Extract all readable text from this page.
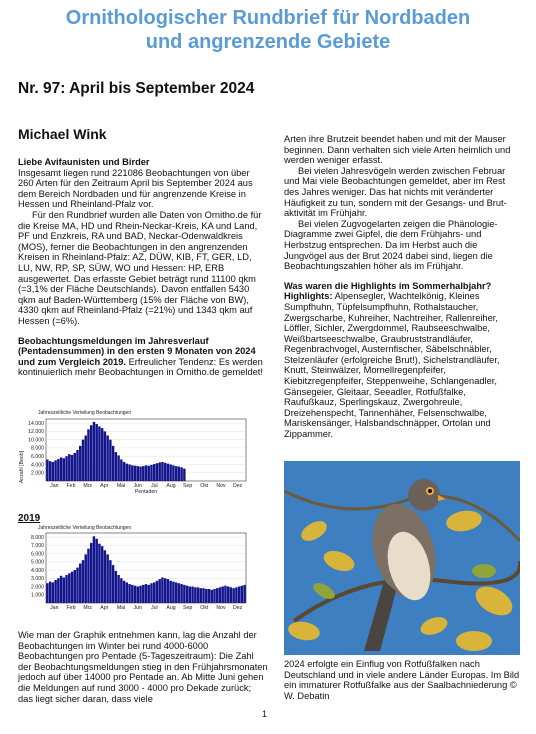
Ornithologischer Rundbrief für Nordbaden
und angrenzende Gebiete
Nr. 97: April bis September 2024
Michael Wink

Liebe Avifaunisten und Birder

Insgesamt liegen rund 221086 Beobachtungen von über 260 Arten für den Zeitraum April bis September 2024 aus dem Bereich Nordbaden und für angrenzende Kreise in Hessen und Rheinland-Pfalz vor.

Für den Rundbrief wurden alle Daten von Ornitho.de für die Kreise MA, HD und Rhein-Neckar-Kreis, KA und Land, PF und Enzkreis, RA und BAD, Neckar-Odenwaldkreis (MOS), ferner die Beobachtungen in den angrenzenden Kreisen in Rheinland-Pfalz: AZ, DÜW, KIB, FT, GER, LD, LU, NW, RP, SP, SÜW, WO und Hessen: HP, ERB ausgewertet. Das erfasste Gebiet beträgt rund 11100 qkm (=3,1% der Fläche Deutschlands). Davon entfallen 5430 qkm auf Baden-Württemberg (15% der Fläche von BW), 4330 qkm auf Rheinland-Pfalz (=21%) und 1343 qkm auf Hessen (=6%).

Beobachtungsmeldungen im Jahresverlauf (Pentadensummen) in den ersten 9 Monaten von 2024 und zum Vergleich 2019. Erfreulicher Tendenz: Es werden kontinuierlich mehr Beobachtungen in Ornitho.de gemeldet!

Jahreszeitliche Verteilung Beobachtungen
Anzahl [Beob]
14.000
12.000
10.000
8.000
6.000
4.000
2.000
Jan Feb Mrz Apr Mai Jun Jul Aug Sep Okt Nov Dez
Pentaden
2019
Jahreszeitliche Verteilung Beobachtungen
8.000
7.000
6.000
5.000
4.000
3.000
2.000
1.000
Jan Feb Mrz Apr Mai Jun Jul Aug Sep Okt Nov Dez

Wie man der Graphik entnehmen kann, lag die Anzahl der Beobachtungen im Winter bei rund 4000-6000 Beobachtungen pro Pentade (5-Tageszeitraum): Die Zahl der Beobachtungsmeldungen stieg in den Frühjahrsmonaten jedoch auf über 14000 pro Pentade an. Ab Mitte Juni gehen die Meldungen auf rund 3000 - 4000 pro Dekade zurück; das liegt sicher daran, dass viele

Arten ihre Brutzeit beendet haben und mit der Mauser beginnen. Dann verhalten sich viele Arten heimlich und werden weniger erfasst.

Bei vielen Jahresvögeln werden zwischen Februar und Mai viele Beobachtungen gemeldet, aber im Rest des Jahres weniger. Das hat nichts mit veränderter Häufigkeit zu tun, sondern mit der Gesangs- und Brut-aktivität im Frühjahr.

Bei vielen Zugvogelarten zeigen die Phänologie-Diagramme zwei Gipfel, die dem Frühjahrs- und Herbstzug entsprechen. Da im Herbst auch die Jungvögel aus der Brut 2024 dabei sind, liegen die Beobachtungszahlen höher als im Frühjahr.

Was waren die Highlights im Sommerhalbjahr?

Highlights: Alpensegler, Wachtelkönig, Kleines Sumpfhuhn, Tüpfelsumpfhuhn, Rothalstaucher, Zwergscharbe, Kuhreiher, Nachtreiher, Rallenreiher, Löffler, Sichler, Zwergdommel, Raubseeschwalbe, Weißbartseeschwalbe, Graubruststrandläufer, Regenbrachvogel, Austernfischer, Säbelschnäbler, Stelzenläufer (erfolgreiche Brut!), Sichelstrandläufer, Knutt, Steinwälzer, Mornellregenpfeifer, Kiebitzregenpfeifer, Steppenweihe, Schlangenadler, Gänsegeier, Gleitaar, Seeadler, Rotfußfalke, Raufußkauz, Sperlingskauz, Zwergohreule, Dreizehenspecht, Tannenhäher, Felsenschwalbe, Mariskensänger, Halsbandschnäpper, Ortolan und Zippammer.

2024 erfolgte ein Einflug von Rotfußfalken nach Deutschland und in viele andere Länder Europas. Im Bild ein immaturer Rotfußfalke aus der Saalbachniederung © W. Debatin
1
